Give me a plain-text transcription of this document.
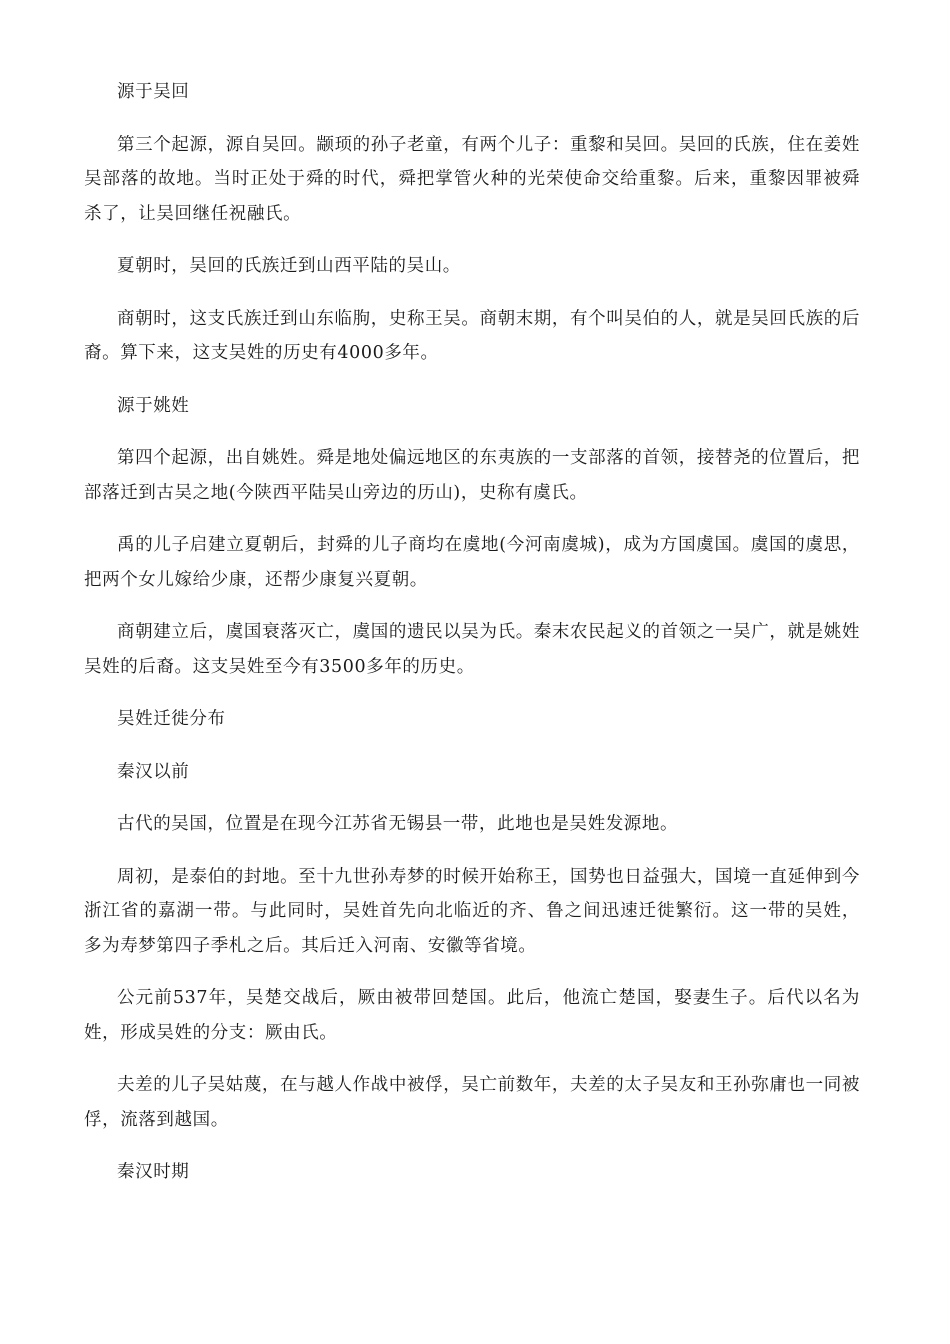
源于吴回

第三个起源，源自吴回。颛顼的孙子老童，有两个儿子：重黎和吴回。吴回的氏族，住在姜姓吴部落的故地。当时正处于舜的时代，舜把掌管火种的光荣使命交给重黎。后来，重黎因罪被舜杀了，让吴回继任祝融氏。

夏朝时，吴回的氏族迁到山西平陆的吴山。

商朝时，这支氏族迁到山东临朐，史称王吴。商朝末期，有个叫吴伯的人，就是吴回氏族的后裔。算下来，这支吴姓的历史有4000多年。

源于姚姓

第四个起源，出自姚姓。舜是地处偏远地区的东夷族的一支部落的首领，接替尧的位置后，把部落迁到古吴之地(今陕西平陆吴山旁边的历山)，史称有虞氏。

禹的儿子启建立夏朝后，封舜的儿子商均在虞地(今河南虞城)，成为方国虞国。虞国的虞思，把两个女儿嫁给少康，还帮少康复兴夏朝。

商朝建立后，虞国衰落灭亡，虞国的遗民以吴为氏。秦末农民起义的首领之一吴广，就是姚姓吴姓的后裔。这支吴姓至今有3500多年的历史。

吴姓迁徙分布

秦汉以前

古代的吴国，位置是在现今江苏省无锡县一带，此地也是吴姓发源地。

周初，是泰伯的封地。至十九世孙寿梦的时候开始称王，国势也日益强大，国境一直延伸到今浙江省的嘉湖一带。与此同时，吴姓首先向北临近的齐、鲁之间迅速迁徙繁衍。这一带的吴姓，多为寿梦第四子季札之后。其后迁入河南、安徽等省境。

公元前537年，吴楚交战后，厥由被带回楚国。此后，他流亡楚国，娶妻生子。后代以名为姓，形成吴姓的分支：厥由氏。

夫差的儿子吴姑蔑，在与越人作战中被俘，吴亡前数年，夫差的太子吴友和王孙弥庸也一同被俘，流落到越国。

秦汉时期
